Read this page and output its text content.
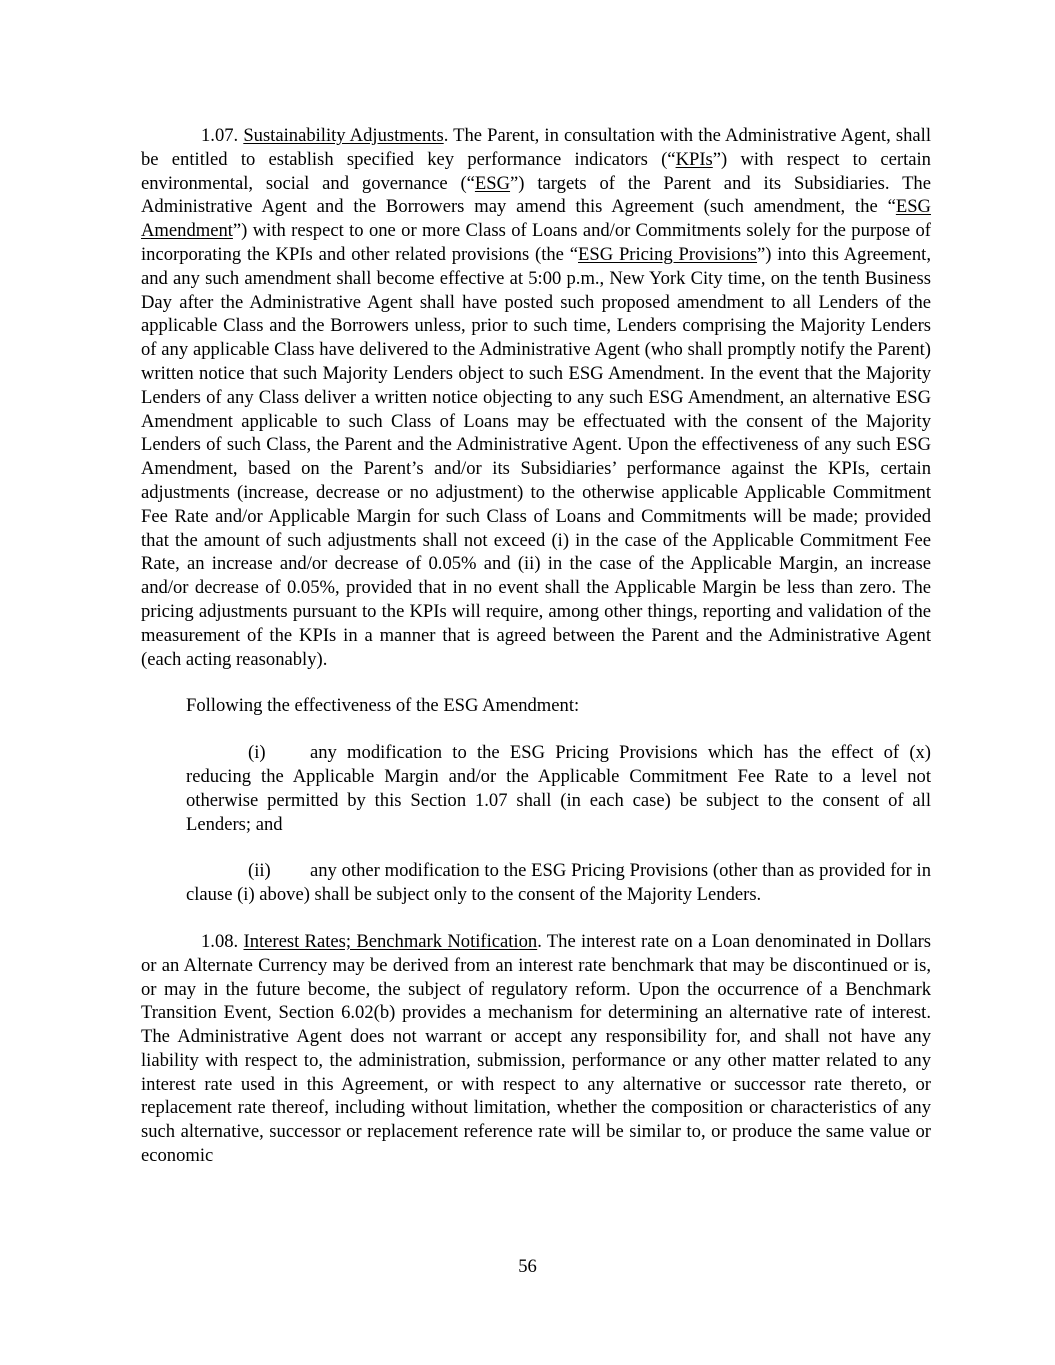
1.07. Sustainability Adjustments. The Parent, in consultation with the Administrative Agent, shall be entitled to establish specified key performance indicators (“KPIs”) with respect to certain environmental, social and governance (“ESG”) targets of the Parent and its Subsidiaries. The Administrative Agent and the Borrowers may amend this Agreement (such amendment, the “ESG Amendment”) with respect to one or more Class of Loans and/or Commitments solely for the purpose of incorporating the KPIs and other related provisions (the “ESG Pricing Provisions”) into this Agreement, and any such amendment shall become effective at 5:00 p.m., New York City time, on the tenth Business Day after the Administrative Agent shall have posted such proposed amendment to all Lenders of the applicable Class and the Borrowers unless, prior to such time, Lenders comprising the Majority Lenders of any applicable Class have delivered to the Administrative Agent (who shall promptly notify the Parent) written notice that such Majority Lenders object to such ESG Amendment. In the event that the Majority Lenders of any Class deliver a written notice objecting to any such ESG Amendment, an alternative ESG Amendment applicable to such Class of Loans may be effectuated with the consent of the Majority Lenders of such Class, the Parent and the Administrative Agent. Upon the effectiveness of any such ESG Amendment, based on the Parent’s and/or its Subsidiaries’ performance against the KPIs, certain adjustments (increase, decrease or no adjustment) to the otherwise applicable Applicable Commitment Fee Rate and/or Applicable Margin for such Class of Loans and Commitments will be made; provided that the amount of such adjustments shall not exceed (i) in the case of the Applicable Commitment Fee Rate, an increase and/or decrease of 0.05% and (ii) in the case of the Applicable Margin, an increase and/or decrease of 0.05%, provided that in no event shall the Applicable Margin be less than zero. The pricing adjustments pursuant to the KPIs will require, among other things, reporting and validation of the measurement of the KPIs in a manner that is agreed between the Parent and the Administrative Agent (each acting reasonably).

Following the effectiveness of the ESG Amendment:

(i) any modification to the ESG Pricing Provisions which has the effect of (x) reducing the Applicable Margin and/or the Applicable Commitment Fee Rate to a level not otherwise permitted by this Section 1.07 shall (in each case) be subject to the consent of all Lenders; and

(ii) any other modification to the ESG Pricing Provisions (other than as provided for in clause (i) above) shall be subject only to the consent of the Majority Lenders.

1.08. Interest Rates; Benchmark Notification. The interest rate on a Loan denominated in Dollars or an Alternate Currency may be derived from an interest rate benchmark that may be discontinued or is, or may in the future become, the subject of regulatory reform. Upon the occurrence of a Benchmark Transition Event, Section 6.02(b) provides a mechanism for determining an alternative rate of interest. The Administrative Agent does not warrant or accept any responsibility for, and shall not have any liability with respect to, the administration, submission, performance or any other matter related to any interest rate used in this Agreement, or with respect to any alternative or successor rate thereto, or replacement rate thereof, including without limitation, whether the composition or characteristics of any such alternative, successor or replacement reference rate will be similar to, or produce the same value or economic

56
